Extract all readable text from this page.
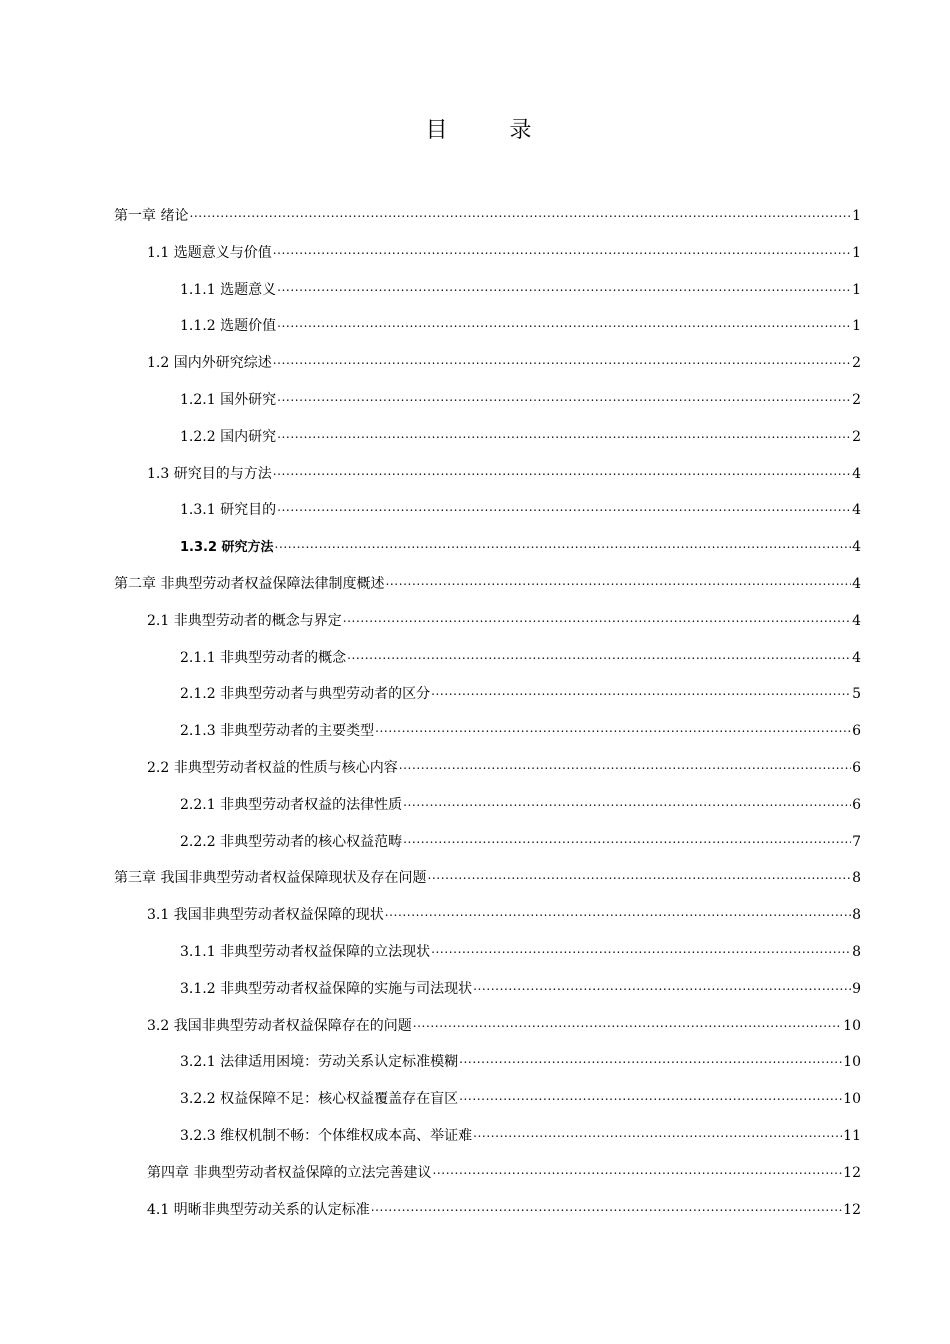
目　录
第一章 绪论 .....	1
1.1 选题意义与价值 .....	1
1.1.1 选题意义 .....	1
1.1.2 选题价值 .....	1
1.2 国内外研究综述 .....	2
1.2.1 国外研究 .....	2
1.2.2 国内研究 .....	2
1.3 研究目的与方法 .....	4
1.3.1 研究目的 .....	4
1.3.2 研究方法 .....	4
第二章 非典型劳动者权益保障法律制度概述 .....	4
2.1 非典型劳动者的概念与界定 .....	4
2.1.1 非典型劳动者的概念 .....	4
2.1.2 非典型劳动者与典型劳动者的区分 .....	5
2.1.3 非典型劳动者的主要类型 .....	6
2.2 非典型劳动者权益的性质与核心内容 .....	6
2.2.1 非典型劳动者权益的法律性质 .....	6
2.2.2 非典型劳动者的核心权益范畴 .....	7
第三章 我国非典型劳动者权益保障现状及存在问题 .....	8
3.1 我国非典型劳动者权益保障的现状 .....	8
3.1.1 非典型劳动者权益保障的立法现状 .....	8
3.1.2 非典型劳动者权益保障的实施与司法现状 .....	9
3.2 我国非典型劳动者权益保障存在的问题 .....	10
3.2.1 法律适用困境：劳动关系认定标准模糊 .....	10
3.2.2 权益保障不足：核心权益覆盖存在盲区 .....	10
3.2.3 维权机制不畅：个体维权成本高、举证难 .....	11
第四章 非典型劳动者权益保障的立法完善建议 .....	12
4.1 明晰非典型劳动关系的认定标准 .....	12
